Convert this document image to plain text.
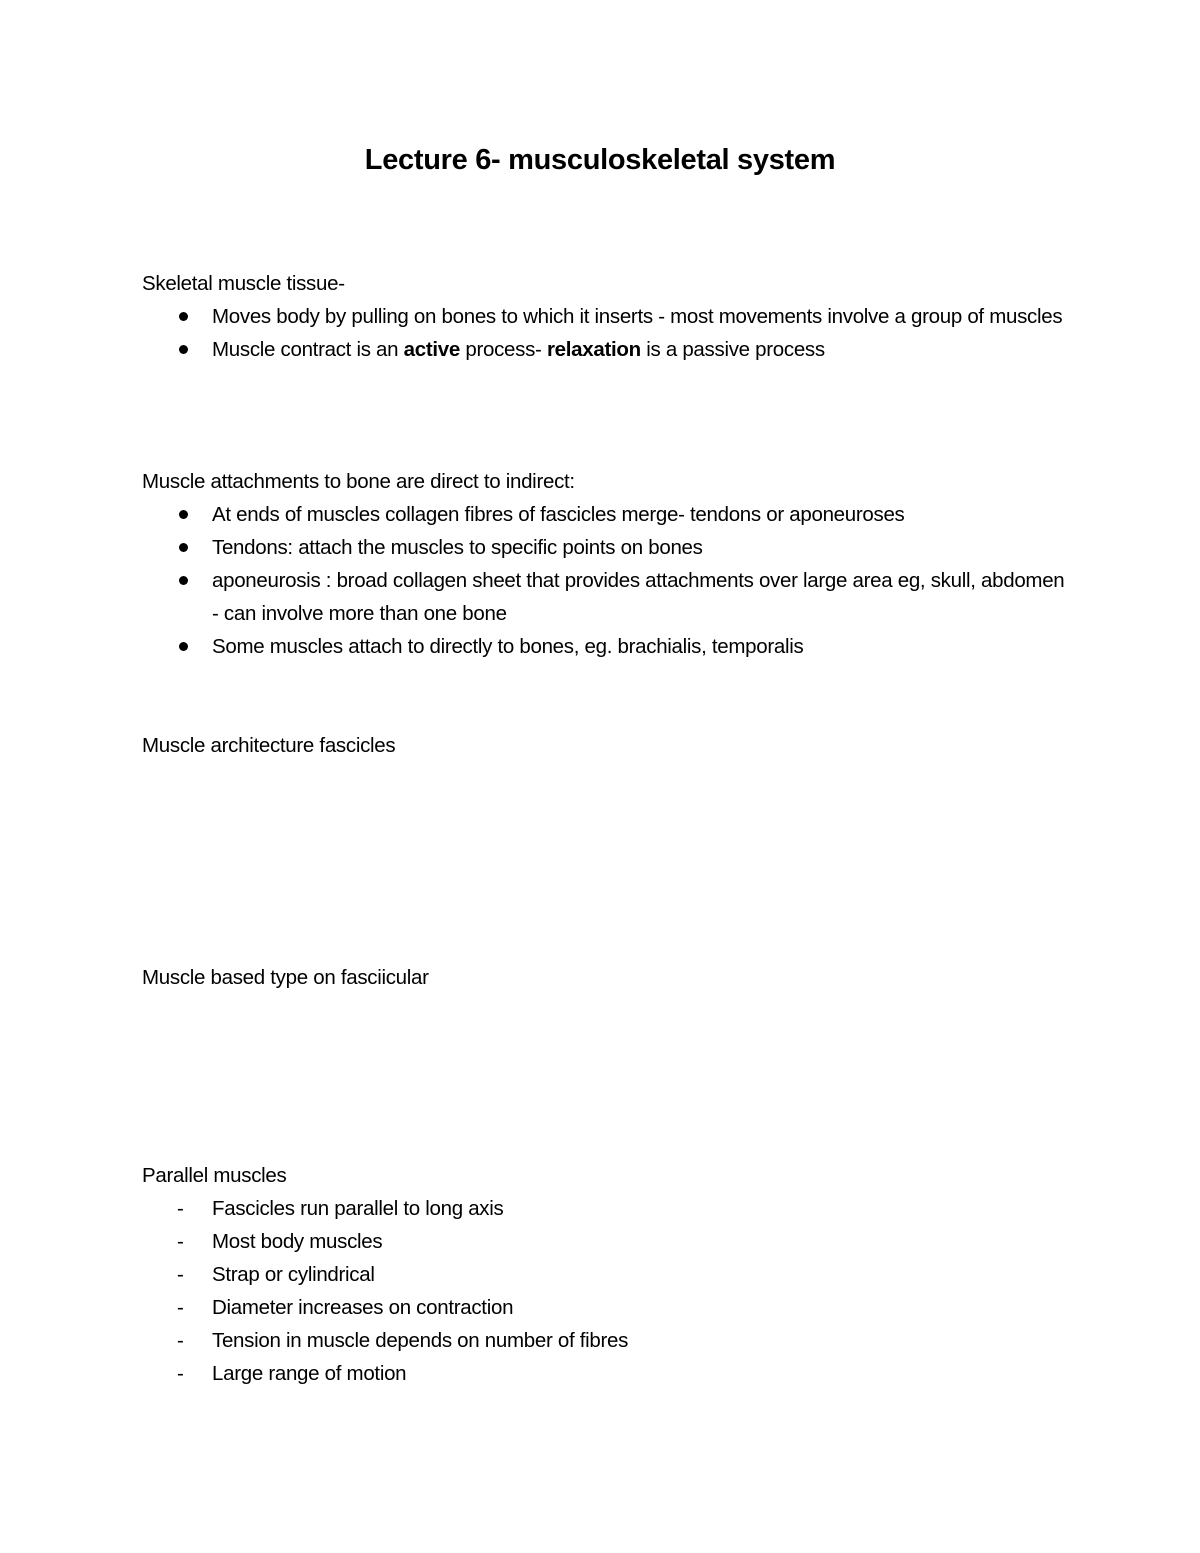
Lecture 6- musculoskeletal system
Skeletal muscle tissue-
Moves body by pulling on bones to which it inserts - most movements involve a group of muscles
Muscle contract is an active process- relaxation is a passive process
Muscle attachments to bone are direct to indirect:
At ends of muscles collagen fibres of fascicles merge- tendons or aponeuroses
Tendons: attach the muscles to specific points on bones
aponeurosis : broad collagen sheet that provides attachments over large area eg, skull, abdomen - can involve more than one bone
Some muscles attach to directly to bones, eg. brachialis, temporalis
Muscle architecture fascicles
Muscle based type on fasciicular
Parallel muscles
-	Fascicles run parallel to long axis
-	Most body muscles
-	Strap or cylindrical
-	Diameter increases on contraction
-	Tension in muscle depends on number of fibres
-	Large range of motion
